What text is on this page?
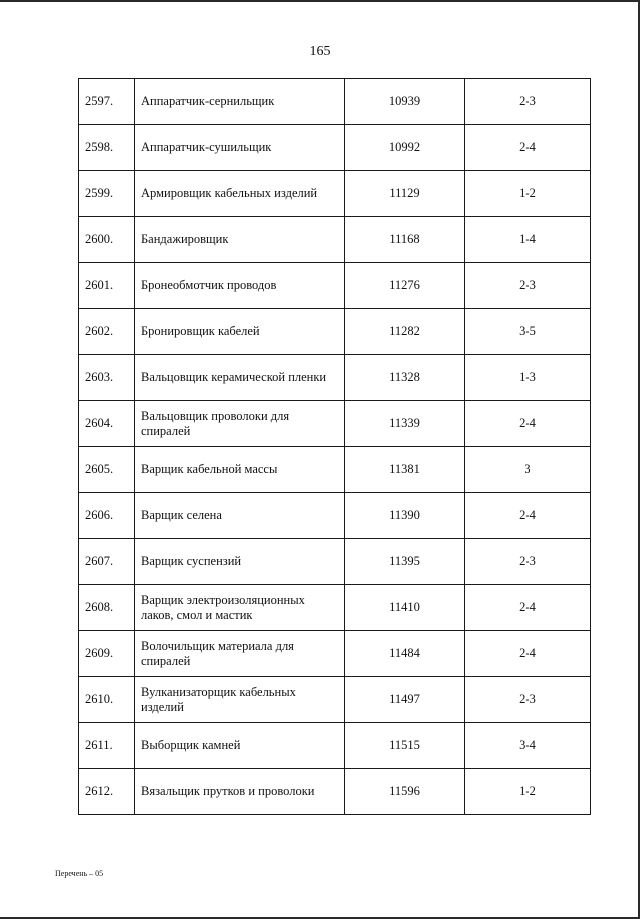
165
2597.	Аппаратчик-сернильщик	10939	2-3
2598.	Аппаратчик-сушильщик	10992	2-4
2599.	Армировщик кабельных изделий	11129	1-2
2600.	Бандажировщик	11168	1-4
2601.	Бронеобмотчик проводов	11276	2-3
2602.	Бронировщик кабелей	11282	3-5
2603.	Вальцовщик керамической пленки	11328	1-3
2604.	Вальцовщик проволоки для спиралей	11339	2-4
2605.	Варщик кабельной массы	11381	3
2606.	Варщик селена	11390	2-4
2607.	Варщик суспензий	11395	2-3
2608.	Варщик электроизоляционных лаков, смол и мастик	11410	2-4
2609.	Волочильщик материала для спиралей	11484	2-4
2610.	Вулканизаторщик кабельных изделий	11497	2-3
2611.	Выборщик камней	11515	3-4
2612.	Вязальщик прутков и проволоки	11596	1-2
Перечень – 05
